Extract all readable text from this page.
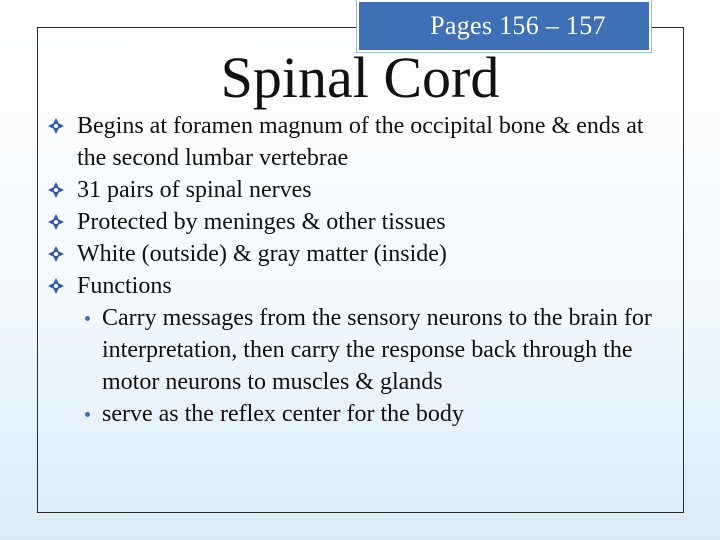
Pages 156 – 157
Spinal Cord
Begins at foramen magnum of the occipital bone & ends at the second lumbar vertebrae
31 pairs of spinal nerves
Protected by meninges & other tissues
White (outside) & gray matter (inside)
Functions
Carry messages from the sensory neurons to the brain for interpretation, then carry the response back through the motor neurons to muscles & glands
serve as the reflex center for the body
